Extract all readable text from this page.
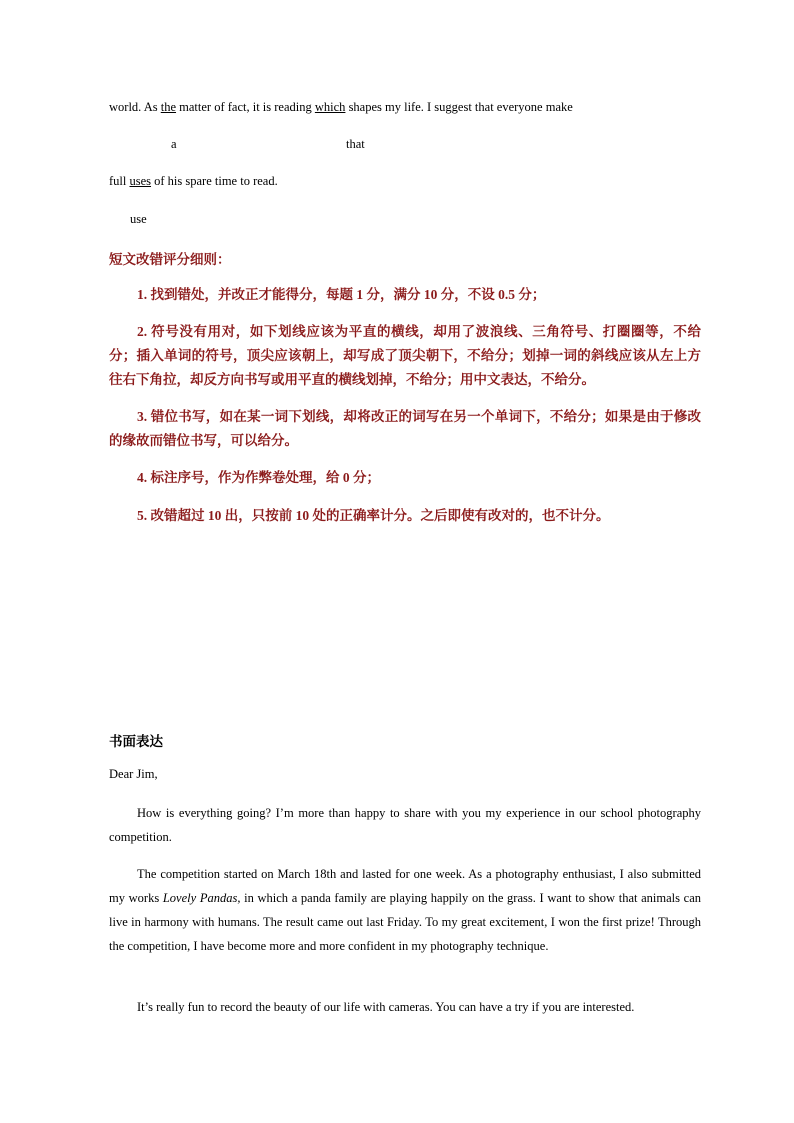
world. As the matter of fact, it is reading which shapes my life. I suggest that everyone make
a	that
full uses of his spare time to read.
use
短文改错评分细则：
1. 找到错处，并改正才能得分，每题 1 分，满分 10 分，不设 0.5 分；
2. 符号没有用对，如下划线应该为平直的横线，却用了波浪线、三角符号、打圈圈等，不给分；插入单词的符号，顶尖应该朝上，却写成了顶尖朝下，不给分；划掉一词的斜线应该从左上方往右下角拉，却反方向书写或用平直的横线划掉，不给分；用中文表达，不给分。
3. 错位书写，如在某一词下划线，却将改正的词写在另一个单词下，不给分；如果是由于修改的缘故而错位书写，可以给分。
4. 标注序号，作为作弊卷处理，给 0 分；
5. 改错超过 10 出，只按前 10 处的正确率计分。之后即使有改对的，也不计分。
书面表达
Dear Jim,
How is everything going? I’m more than happy to share with you my experience in our school photography competition.
The competition started on March 18th and lasted for one week. As a photography enthusiast, I also submitted my works Lovely Pandas, in which a panda family are playing happily on the grass. I want to show that animals can live in harmony with humans. The result came out last Friday. To my great excitement, I won the first prize! Through the competition, I have become more and more confident in my photography technique.
It’s really fun to record the beauty of our life with cameras. You can have a try if you are interested.
